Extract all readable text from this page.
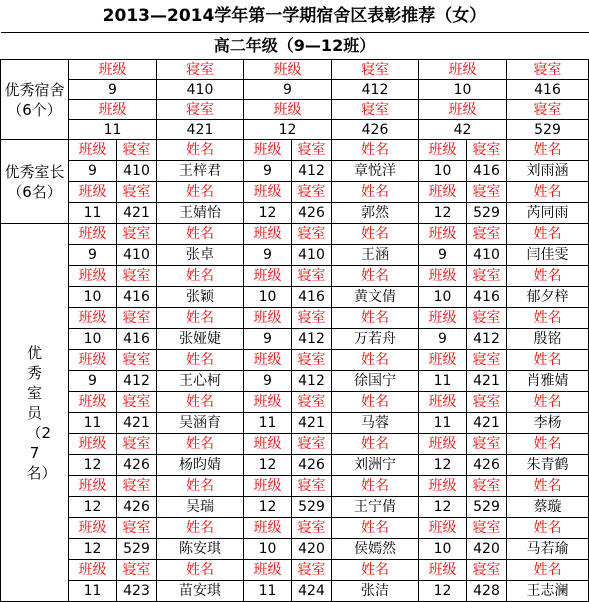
2013—2014学年第一学期宿舍区表彰推荐（女）									
高二年级（9—12班）									
优秀宿舍（6个）	班级		寝室	班级		寝室	班级		寝室
	9		410	9		412	10		416
	班级		寝室	班级		寝室	班级		寝室
	11		421	12		426	42		529
优秀室长（6名）	班级	寝室	姓名	班级	寝室	姓名	班级	寝室	姓名
	9	410	王梓君	9	412	章悦洋	10	416	刘雨涵
	班级	寝室	姓名	班级	寝室	姓名	班级	寝室	姓名
	11	421	王婧怡	12	426	郭然	12	529	芮同雨

优秀室员（27名）	班级	寝室	姓名	班级	寝室	姓名	班级	寝室	姓名
	9	410	张卓	9	410	王涵	9	410	闫佳雯
	班级	寝室	姓名	班级	寝室	姓名	班级	寝室	姓名
	10	416	张颖	10	416	黄文倩	10	416	郁夕梓
	班级	寝室	姓名	班级	寝室	姓名	班级	寝室	姓名
	10	416	张娅婕	9	412	万若舟	9	412	殷铭
	班级	寝室	姓名	班级	寝室	姓名	班级	寝室	姓名
	9	412	王心柯	9	412	徐国宁	11	421	肖雅婧
	班级	寝室	姓名	班级	寝室	姓名	班级	寝室	姓名
	11	421	吴涵育	11	421	马蓉	11	421	李杨
	班级	寝室	姓名	班级	寝室	姓名	班级	寝室	姓名
	12	426	杨昀婧	12	426	刘洲宁	12	426	朱青鹤
	班级	寝室	姓名	班级	寝室	姓名	班级	寝室	姓名
	12	426	吴瑞	12	529	王宁倩	12	529	蔡璇
	班级	寝室	姓名	班级	寝室	姓名	班级	寝室	姓名
	12	529	陈安琪	10	420	侯嫣然	10	420	马若瑜
	班级	寝室	姓名	班级	寝室	姓名	班级	寝室	姓名
	11	423	苗安琪	11	424	张洁	12	428	王志澜
